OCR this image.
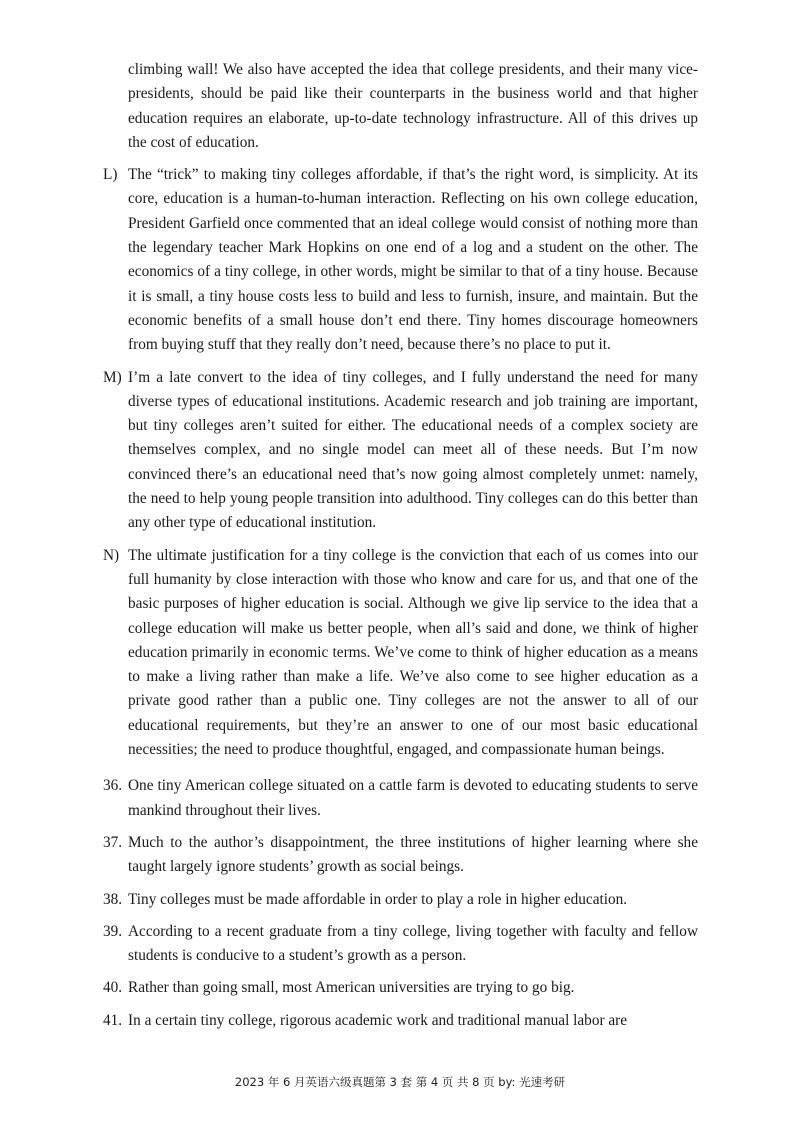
climbing wall! We also have accepted the idea that college presidents, and their many vice-presidents, should be paid like their counterparts in the business world and that higher education requires an elaborate, up-to-date technology infrastructure. All of this drives up the cost of education.
L) The “trick” to making tiny colleges affordable, if that’s the right word, is simplicity. At its core, education is a human-to-human interaction. Reflecting on his own college education, President Garfield once commented that an ideal college would consist of nothing more than the legendary teacher Mark Hopkins on one end of a log and a student on the other. The economics of a tiny college, in other words, might be similar to that of a tiny house. Because it is small, a tiny house costs less to build and less to furnish, insure, and maintain. But the economic benefits of a small house don’t end there. Tiny homes discourage homeowners from buying stuff that they really don’t need, because there’s no place to put it.
M) I’m a late convert to the idea of tiny colleges, and I fully understand the need for many diverse types of educational institutions. Academic research and job training are important, but tiny colleges aren’t suited for either. The educational needs of a complex society are themselves complex, and no single model can meet all of these needs. But I’m now convinced there’s an educational need that’s now going almost completely unmet: namely, the need to help young people transition into adulthood. Tiny colleges can do this better than any other type of educational institution.
N) The ultimate justification for a tiny college is the conviction that each of us comes into our full humanity by close interaction with those who know and care for us, and that one of the basic purposes of higher education is social. Although we give lip service to the idea that a college education will make us better people, when all’s said and done, we think of higher education primarily in economic terms. We’ve come to think of higher education as a means to make a living rather than make a life. We’ve also come to see higher education as a private good rather than a public one. Tiny colleges are not the answer to all of our educational requirements, but they’re an answer to one of our most basic educational necessities; the need to produce thoughtful, engaged, and compassionate human beings.
36. One tiny American college situated on a cattle farm is devoted to educating students to serve mankind throughout their lives.
37. Much to the author’s disappointment, the three institutions of higher learning where she taught largely ignore students’ growth as social beings.
38. Tiny colleges must be made affordable in order to play a role in higher education.
39. According to a recent graduate from a tiny college, living together with faculty and fellow students is conducive to a student’s growth as a person.
40. Rather than going small, most American universities are trying to go big.
41. In a certain tiny college, rigorous academic work and traditional manual labor are
2023 年 6 月英语六级真题第 3 套 第 4 页 共 8 页 by: 光速考研
